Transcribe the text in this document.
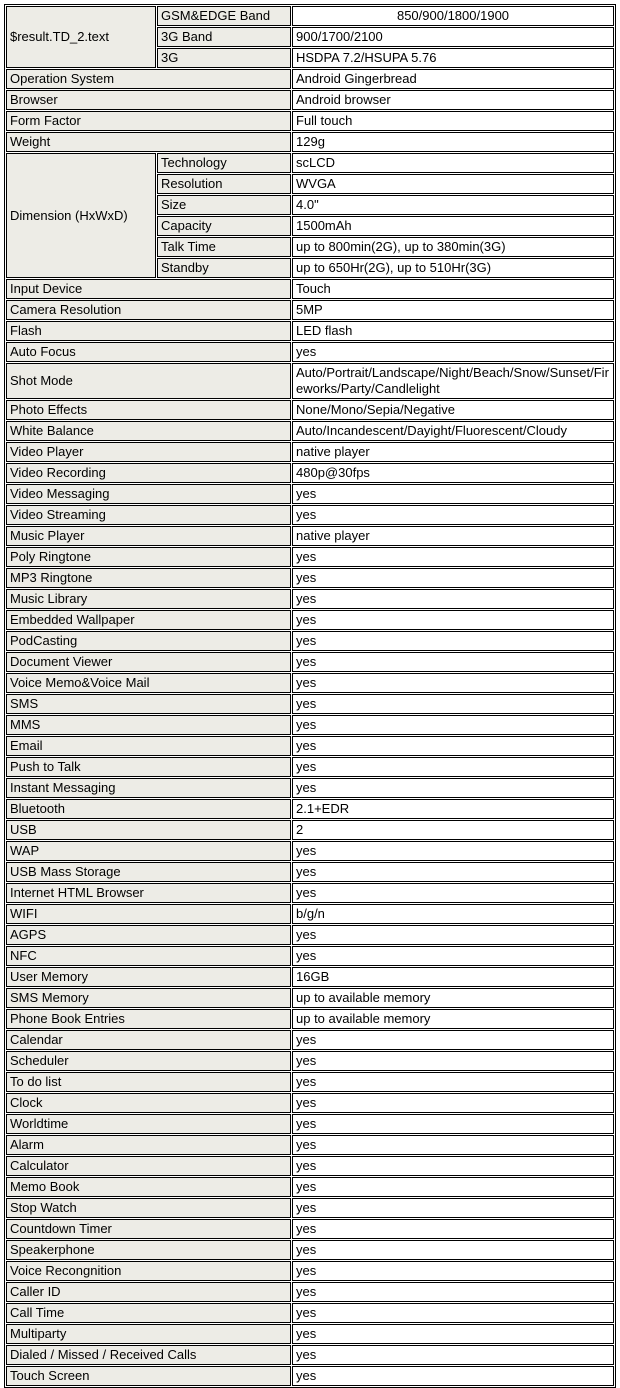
$result.TD_2.text	GSM&EDGE Band	850/900/1800/1900
	3G Band	900/1700/2100
	3G	HSDPA 7.2/HSUPA 5.76
Operation System		Android Gingerbread
Browser		Android browser
Form Factor		Full touch
Weight		129g
Dimension (HxWxD)	Technology	scLCD
	Resolution	WVGA
	Size	4.0"
	Capacity	1500mAh
	Talk Time	up to 800min(2G), up to 380min(3G)
	Standby	up to 650Hr(2G), up to 510Hr(3G)
Input Device		Touch
Camera Resolution		5MP
Flash		LED flash
Auto Focus		yes
Shot Mode		Auto/Portrait/Landscape/Night/Beach/Snow/Sunset/Fireworks/Party/Candlelight
Photo Effects		None/Mono/Sepia/Negative
White Balance		Auto/Incandescent/Dayight/Fluorescent/Cloudy
Video Player		native player
Video Recording		480p@30fps
Video Messaging		yes
Video Streaming		yes
Music Player		native player
Poly Ringtone		yes
MP3 Ringtone		yes
Music Library		yes
Embedded Wallpaper		yes
PodCasting		yes
Document Viewer		yes
Voice Memo&Voice Mail		yes
SMS		yes
MMS		yes
Email		yes
Push to Talk		yes
Instant Messaging		yes
Bluetooth		2.1+EDR
USB		2
WAP		yes
USB Mass Storage		yes
Internet HTML Browser		yes
WIFI		b/g/n
AGPS		yes
NFC		yes
User Memory		16GB
SMS Memory		up to available memory
Phone Book Entries		up to available memory
Calendar		yes
Scheduler		yes
To do list		yes
Clock		yes
Worldtime		yes
Alarm		yes
Calculator		yes
Memo Book		yes
Stop Watch		yes
Countdown Timer		yes
Speakerphone		yes
Voice Recongnition		yes
Caller ID		yes
Call Time		yes
Multiparty		yes
Dialed / Missed / Received Calls		yes
Touch Screen		yes
